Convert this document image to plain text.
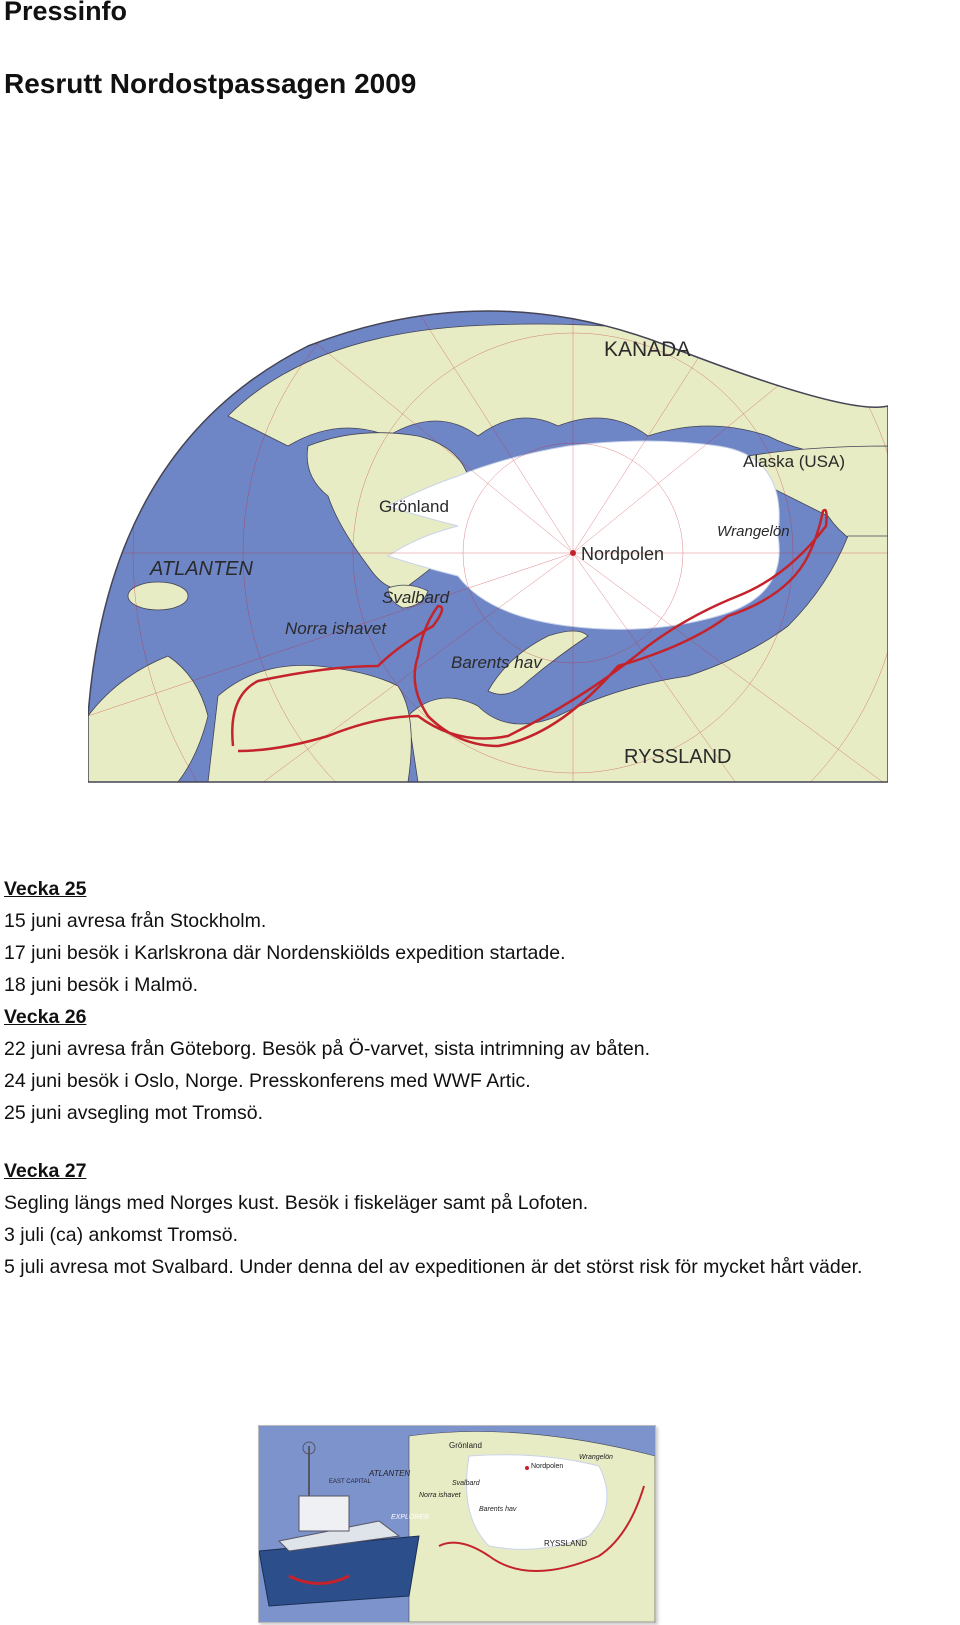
Pressinfo
Resrutt Nordostpassagen 2009
KANADA
Alaska (USA)
Grönland
Wrangelön
Nordpolen
ATLANTEN
Svalbard
Norra ishavet
Barents hav
RYSSLAND
Vecka 25
15 juni avresa från Stockholm.
17 juni besök i Karlskrona där Nordenskiölds expedition startade.
18 juni besök i Malmö.
Vecka 26
22 juni avresa från Göteborg. Besök på Ö-varvet, sista intrimning av båten.
24 juni besök i Oslo, Norge. Presskonferens med WWF Artic.
25 juni avsegling mot Tromsö.
Vecka 27
Segling längs med Norges kust. Besök i fiskeläger samt på Lofoten.
3 juli (ca) ankomst Tromsö.
5 juli avresa mot Svalbard. Under denna del av expeditionen är det störst risk för mycket hårt väder.
EAST CAPITAL
EXPLORER
Grönland
Wrangelön
Nordpolen
ATLANTEN
Svalbard
Norra ishavet
Barents hav
RYSSLAND
